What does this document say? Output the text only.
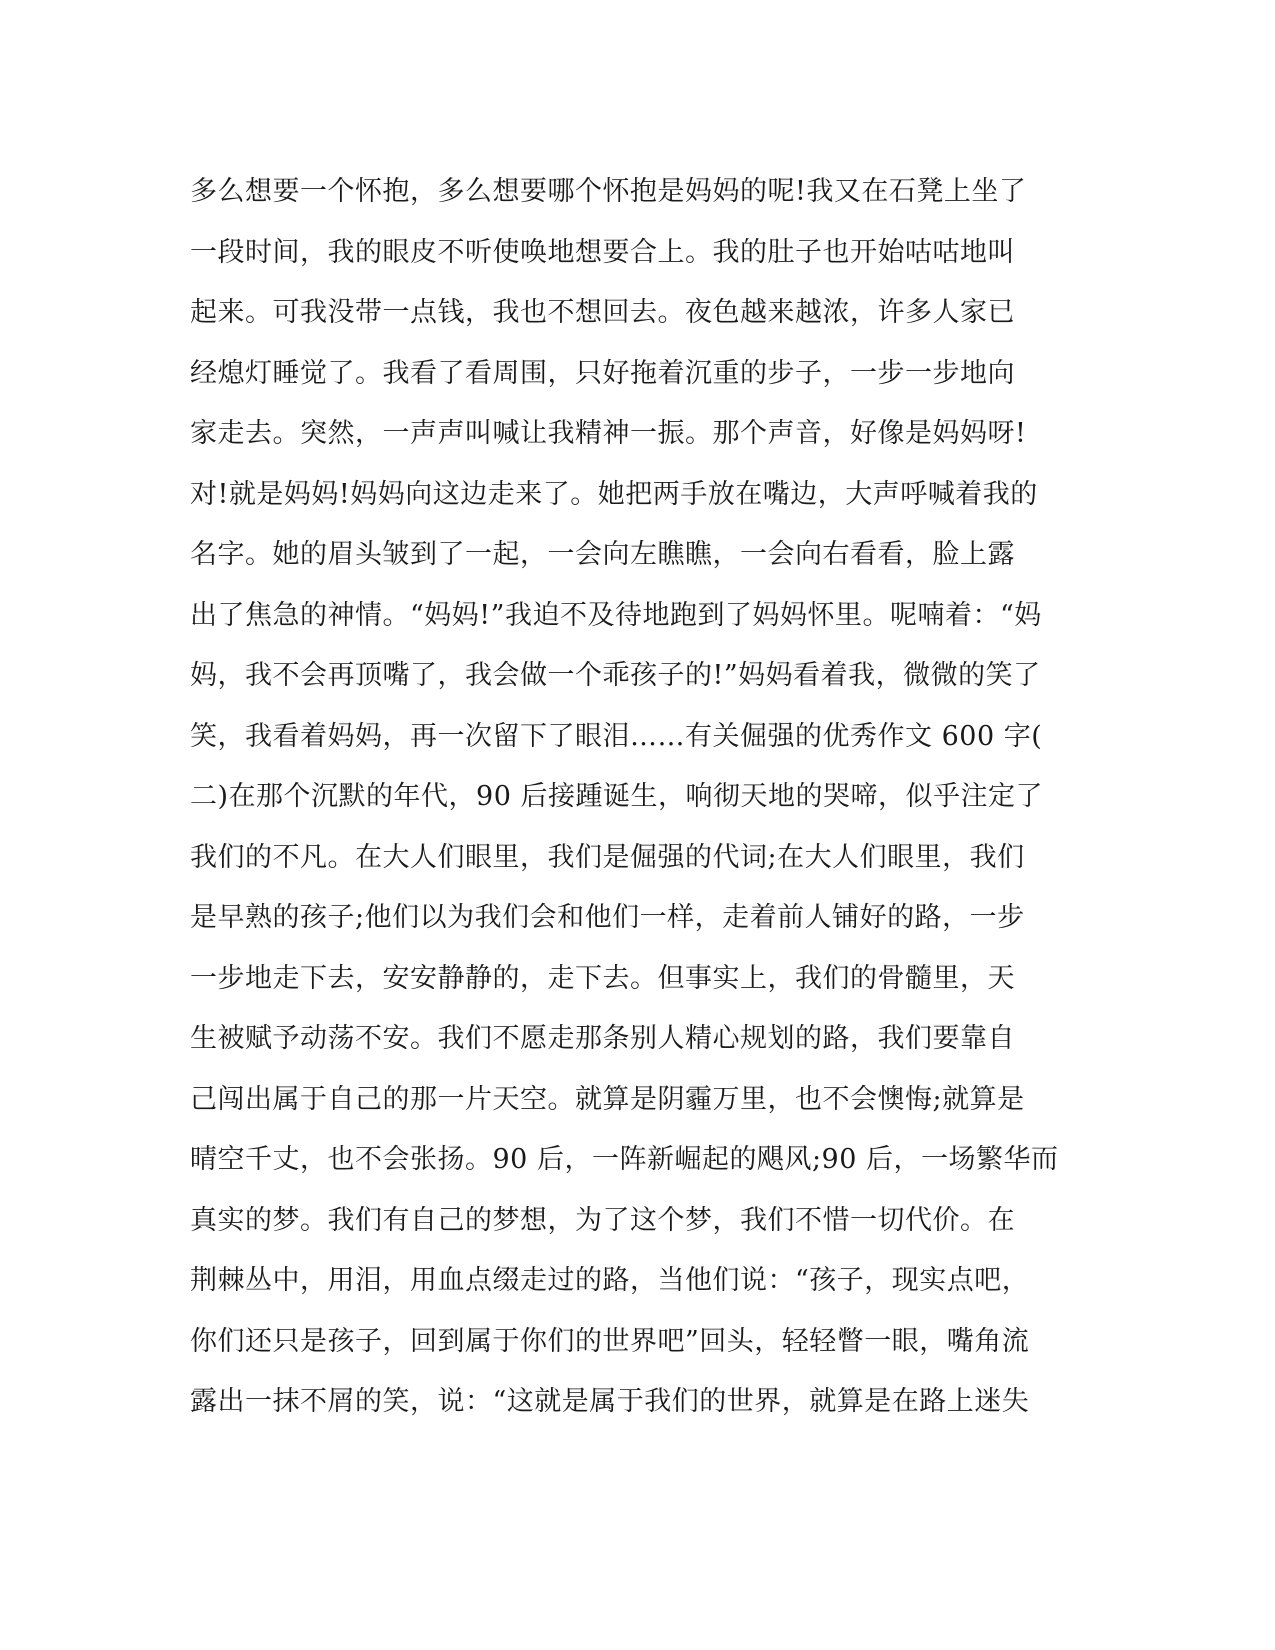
多么想要一个怀抱，多么想要哪个怀抱是妈妈的呢!我又在石凳上坐了
一段时间，我的眼皮不听使唤地想要合上。我的肚子也开始咕咕地叫
起来。可我没带一点钱，我也不想回去。夜色越来越浓，许多人家已
经熄灯睡觉了。我看了看周围，只好拖着沉重的步子，一步一步地向
家走去。突然，一声声叫喊让我精神一振。那个声音，好像是妈妈呀!
对!就是妈妈!妈妈向这边走来了。她把两手放在嘴边，大声呼喊着我的
名字。她的眉头皱到了一起，一会向左瞧瞧，一会向右看看，脸上露
出了焦急的神情。“妈妈!”我迫不及待地跑到了妈妈怀里。呢喃着：“妈
妈，我不会再顶嘴了，我会做一个乖孩子的!”妈妈看着我，微微的笑了
笑，我看着妈妈，再一次留下了眼泪……有关倔强的优秀作文 600 字(
二)在那个沉默的年代，90 后接踵诞生，响彻天地的哭啼，似乎注定了
我们的不凡。在大人们眼里，我们是倔强的代词;在大人们眼里，我们
是早熟的孩子;他们以为我们会和他们一样，走着前人铺好的路，一步
一步地走下去，安安静静的，走下去。但事实上，我们的骨髓里，天
生被赋予动荡不安。我们不愿走那条别人精心规划的路，我们要靠自
己闯出属于自己的那一片天空。就算是阴霾万里，也不会懊悔;就算是
晴空千丈，也不会张扬。90 后，一阵新崛起的飓风;90 后，一场繁华而
真实的梦。我们有自己的梦想，为了这个梦，我们不惜一切代价。在
荆棘丛中，用泪，用血点缀走过的路，当他们说：“孩子，现实点吧，
你们还只是孩子，回到属于你们的世界吧”回头，轻轻瞥一眼，嘴角流
露出一抹不屑的笑，说：“这就是属于我们的世界，就算是在路上迷失
